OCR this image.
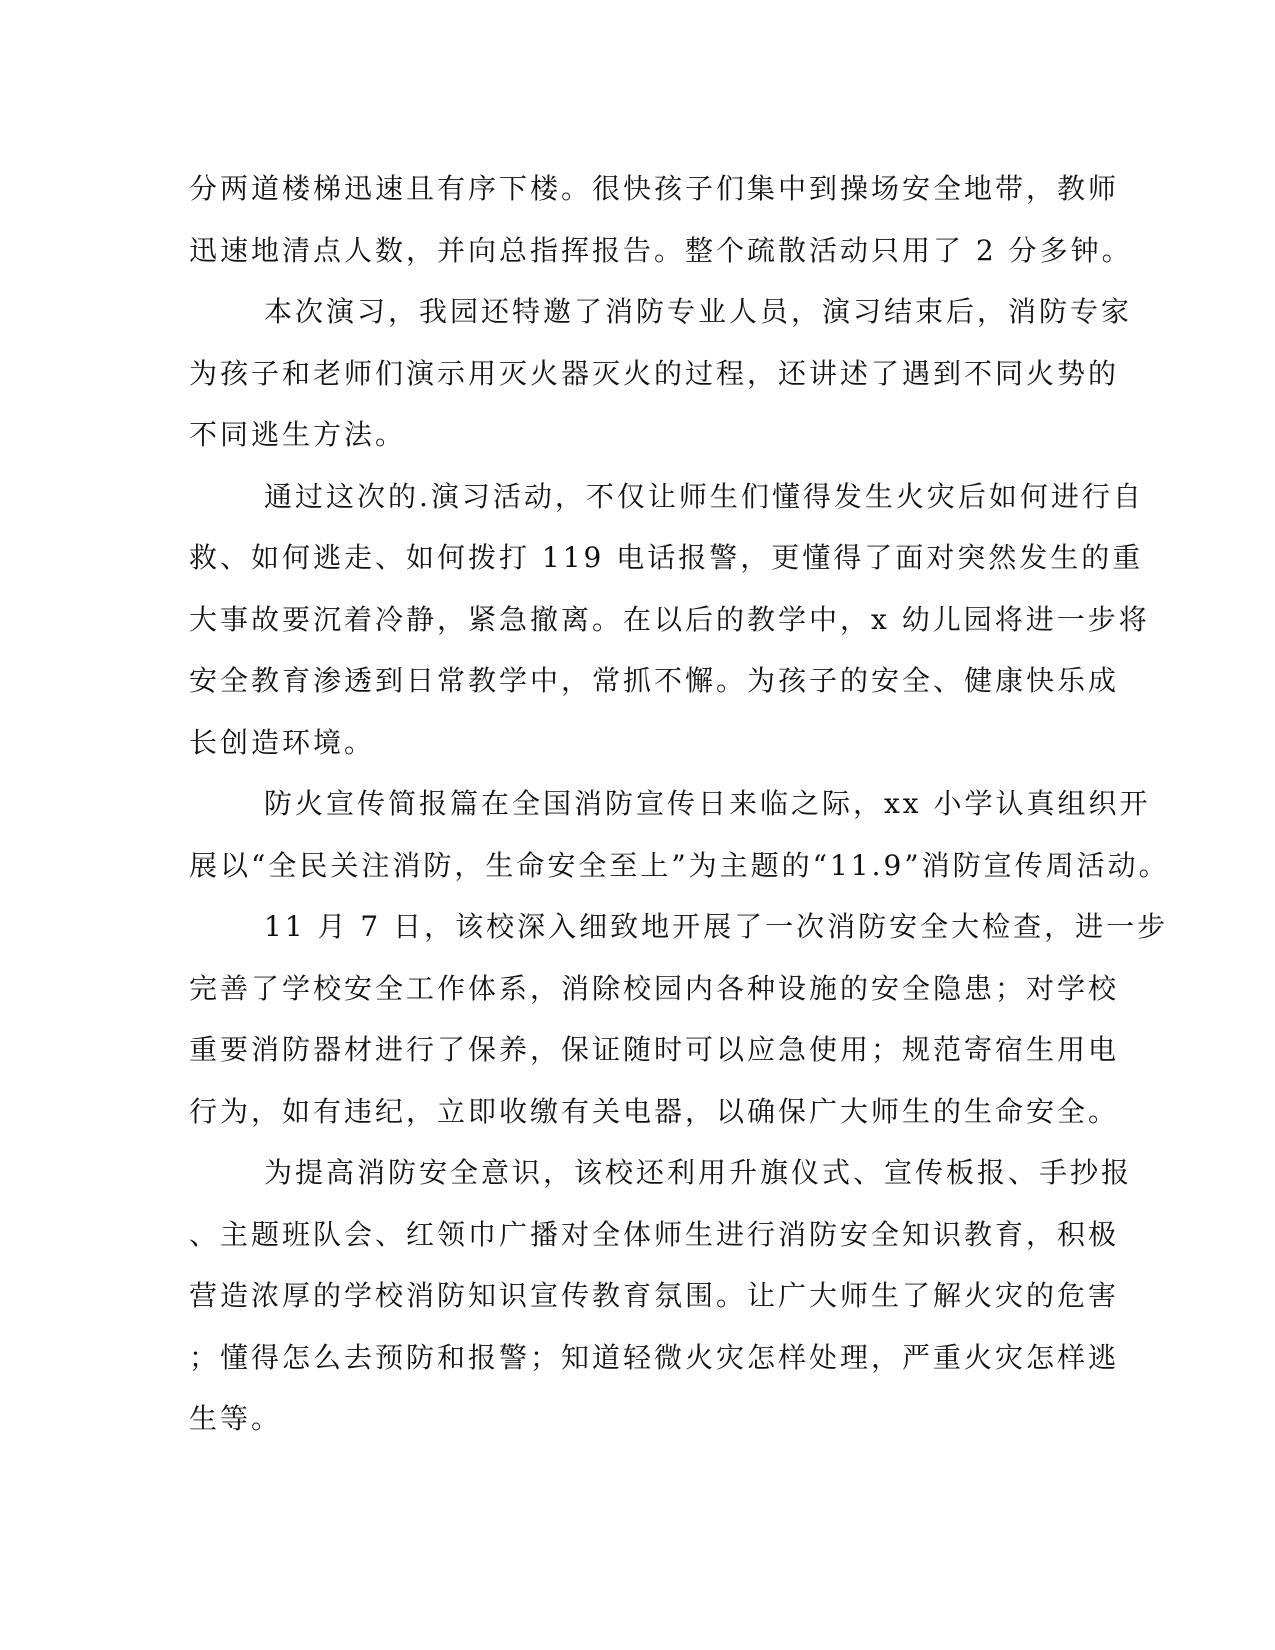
分两道楼梯迅速且有序下楼。很快孩子们集中到操场安全地带，教师
迅速地清点人数，并向总指挥报告。整个疏散活动只用了 2 分多钟。
本次演习，我园还特邀了消防专业人员，演习结束后，消防专家
为孩子和老师们演示用灭火器灭火的过程，还讲述了遇到不同火势的
不同逃生方法。
通过这次的.演习活动，不仅让师生们懂得发生火灾后如何进行自
救、如何逃走、如何拨打 119 电话报警，更懂得了面对突然发生的重
大事故要沉着冷静，紧急撤离。在以后的教学中，x 幼儿园将进一步将
安全教育渗透到日常教学中，常抓不懈。为孩子的安全、健康快乐成
长创造环境。
防火宣传简报篇在全国消防宣传日来临之际，xx 小学认真组织开
展以“全民关注消防，生命安全至上”为主题的“11.9”消防宣传周活动。
11 月 7 日，该校深入细致地开展了一次消防安全大检查，进一步
完善了学校安全工作体系，消除校园内各种设施的安全隐患；对学校
重要消防器材进行了保养，保证随时可以应急使用；规范寄宿生用电
行为，如有违纪，立即收缴有关电器，以确保广大师生的生命安全。
为提高消防安全意识，该校还利用升旗仪式、宣传板报、手抄报
、主题班队会、红领巾广播对全体师生进行消防安全知识教育，积极
营造浓厚的学校消防知识宣传教育氛围。让广大师生了解火灾的危害
；懂得怎么去预防和报警；知道轻微火灾怎样处理，严重火灾怎样逃
生等。
